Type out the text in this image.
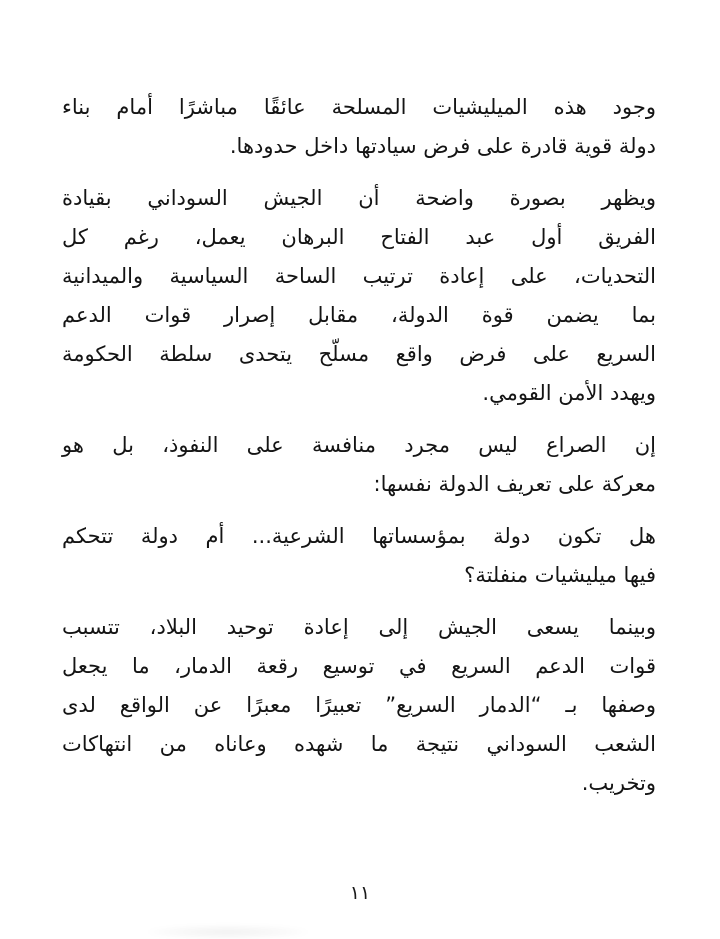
وجود هذه الميليشيات المسلحة عائقًا مباشرًا أمام بناء
دولة قوية قادرة على فرض سيادتها داخل حدودها.

ويظهر بصورة واضحة أن الجيش السوداني بقيادة
الفريق أول عبد الفتاح البرهان يعمل، رغم كل
التحديات، على إعادة ترتيب الساحة السياسية والميدانية
بما يضمن قوة الدولة، مقابل إصرار قوات الدعم
السريع على فرض واقع مسلّح يتحدى سلطة الحكومة
ويهدد الأمن القومي.

إن الصراع ليس مجرد منافسة على النفوذ، بل هو
معركة على تعريف الدولة نفسها:

هل تكون دولة بمؤسساتها الشرعية... أم دولة تتحكم
فيها ميليشيات منفلتة؟

وبينما يسعى الجيش إلى إعادة توحيد البلاد، تتسبب
قوات الدعم السريع في توسيع رقعة الدمار، ما يجعل
وصفها بـ “الدمار السريع” تعبيرًا معبرًا عن الواقع لدى
الشعب السوداني نتيجة ما شهده وعاناه من انتهاكات
وتخريب.

١١
